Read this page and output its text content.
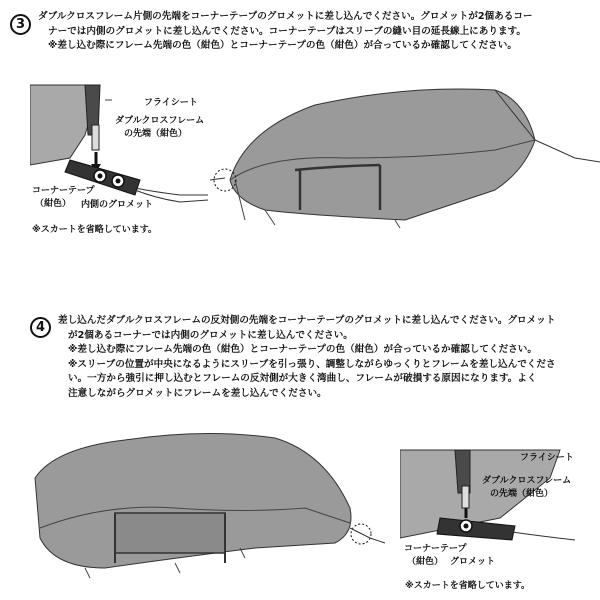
3

ダブルクロスフレーム片側の先端をコーナーテープのグロメットに差し込んでください。グロメットが2個あるコー

ナーでは内側のグロメットに差し込んでください。コーナーテープはスリーブの縫い目の延長線上にあります。

※差し込む際にフレーム先端の色（紺色）とコーナーテープの色（紺色）が合っているか確認してください。

フライシート
ダブルクロスフレーム
の先端（紺色）
コーナーテープ
（紺色） 内側のグロメット
※スカートを省略しています。
4	差し込んだダブルクロスフレームの反対側の先端をコーナーテープのグロメットに差し込んでください。グロメット

が2個あるコーナーでは内側のグロメットに差し込んでください。

※差し込む際にフレーム先端の色（紺色）とコーナーテープの色（紺色）が合っているか確認してください。

※スリーブの位置が中央になるようにスリーブを引っ張り、調整しながらゆっくりとフレームを差し込んでくださ

い。一方から強引に押し込むとフレームの反対側が大きく湾曲し、フレームが破損する原因になります。よく

注意しながらグロメットにフレームを差し込んでください。

フライシート
ダブルクロスフレーム
の先端（紺色）
コーナーテープ
（紺色） グロメット
※スカートを省略しています。
